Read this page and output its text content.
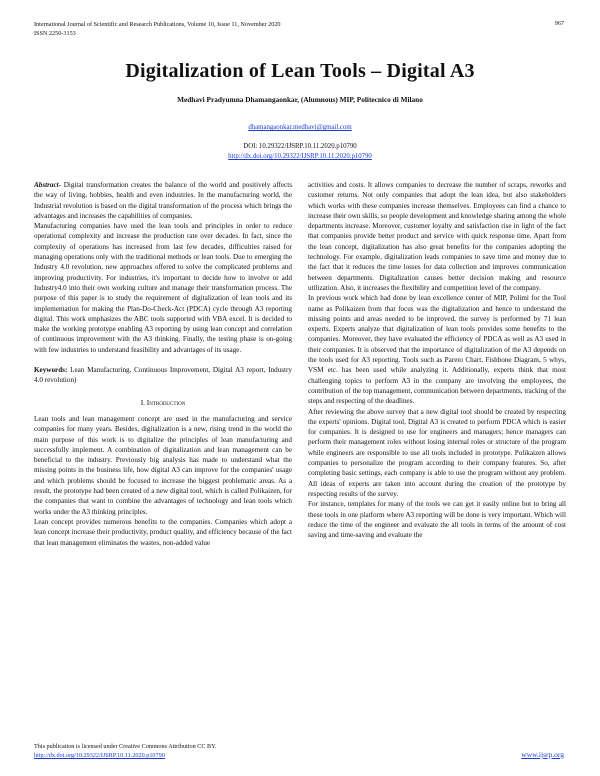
International Journal of Scientific and Research Publications, Volume 10, Issue 11, November 2020
ISSN 2250-3153
967
Digitalization of Lean Tools – Digital A3
Medhavi Pradyumna Dhamangaonkar, (Alumnous) MIP, Politecnico di Milano
dhamangaonkar.medhavi@gmail.com
DOI: 10.29322/IJSRP.10.11.2020.p10790
http://dx.doi.org/10.29322/IJSRP.10.11.2020.p10790

Abstract- Digital transformation creates the balance of the world and positively affects the way of living, hobbies, health and even industries. In the manufacturing world, the Industrial revolution is based on the digital transformation of the process which brings the advantages and increases the capabilities of companies.

Manufacturing companies have used the lean tools and principles in order to reduce operational complexity and increase the production rate over decades. In fact, since the complexity of operations has increased from last few decades, difficulties raised for managing operations only with the traditional methods or lean tools. Due to emerging the Industry 4.0 revolution, new approaches offered to solve the complicated problems and improving productivity. For industries, it's important to decide how to involve or add Industry4.0 into their own working culture and manage their transformation process. The purpose of this paper is to study the requirement of digitalization of lean tools and its implementation for making the Plan-Do-Check-Act (PDCA) cycle through A3 reporting digital. This work emphasizes the ABC tools supported with VBA excel. It is decided to make the working prototype enabling A3 reporting by using lean concept and correlation of continuous improvement with the A3 thinking. Finally, the testing phase is on-going with few industries to understand feasibility and advantages of its usage.

Keywords: Lean Manufacturing, Continuous Improvement, Digital A3 report, Industry 4.0 revolution)

I. Introduction

Lean tools and lean management concept are used in the manufacturing and service companies for many years. Besides, digitalization is a new, rising trend in the world the main purpose of this work is to digitalize the principles of lean manufacturing and successfully implement. A combination of digitalization and lean management can be beneficial to the industry. Previously big analysis has made to understand what the missing points in the business life, how digital A3 can improve for the companies' usage and which problems should be focused to increase the biggest problematic areas. As a result, the prototype had been created of a new digital tool, which is called Polikaizen, for the companies that want to combine the advantages of technology and lean tools which works under the A3 thinking principles.

Lean concept provides numerous benefits to the companies. Companies which adopt a lean concept increase their productivity, product quality, and efficiency because of the fact that lean management eliminates the wastes, non-added value

activities and costs. It allows companies to decrease the number of scraps, reworks and customer returns. Not only companies that adopt the lean idea, but also stakeholders which works with these companies increase themselves. Employees can find a chance to increase their own skills, so people development and knowledge sharing among the whole departments increase. Moreover, customer loyalty and satisfaction rise in light of the fact that companies provide better product and service with quick response time. Apart from the lean concept, digitalization has also great benefits for the companies adopting the technology. For example, digitalization leads companies to save time and money due to the fact that it reduces the time losses for data collection and improves communication between departments. Digitalization causes better decision making and resource utilization. Also, it increases the flexibility and competition level of the company.

In previous work which had done by lean excellence center of MIP, Polimi for the Tool name as Polikaizen from that focus was the digitalization and hence to understand the missing points and areas needed to be improved, the survey is performed by 71 lean experts. Experts analyze that digitalization of lean tools provides some benefits to the companies. Moreover, they have evaluated the efficiency of PDCA as well as A3 used in their companies. It is observed that the importance of digitalization of the A3 depends on the tools used for A3 reporting. Tools such as Pareto Chart, Fishbone Diagram, 5 whys, VSM etc. has been used while analyzing it. Additionally, experts think that most challenging topics to perform A3 in the company are involving the employees, the contribution of the top management, communication between departments, tracking of the steps and respecting of the deadlines.

After reviewing the above survey that a new digital tool should be created by respecting the experts' opinions. Digital tool, Digital A3 is created to perform PDCA which is easier for companies. It is designed to use for engineers and managers; hence managers can perform their management roles without losing internal roles or structure of the program while engineers are responsible to use all tools included in prototype. Polikaizen allows companies to personalize the program according to their company features. So, after completing basic settings, each company is able to use the program without any problem. All ideas of experts are taken into account during the creation of the prototype by respecting results of the survey.

For instance, templates for many of the tools we can get it easily online but to bring all these tools in one platform where A3 reporting will be done is very important. Which will reduce the time of the engineer and evaluate the all tools in terms of the amount of cost saving and time-saving and evaluate the

This publication is licensed under Creative Commons Attribution CC BY.
http://dx.doi.org/10.29322/IJSRP.10.11.2020.p10790	www.ijsrp.org
